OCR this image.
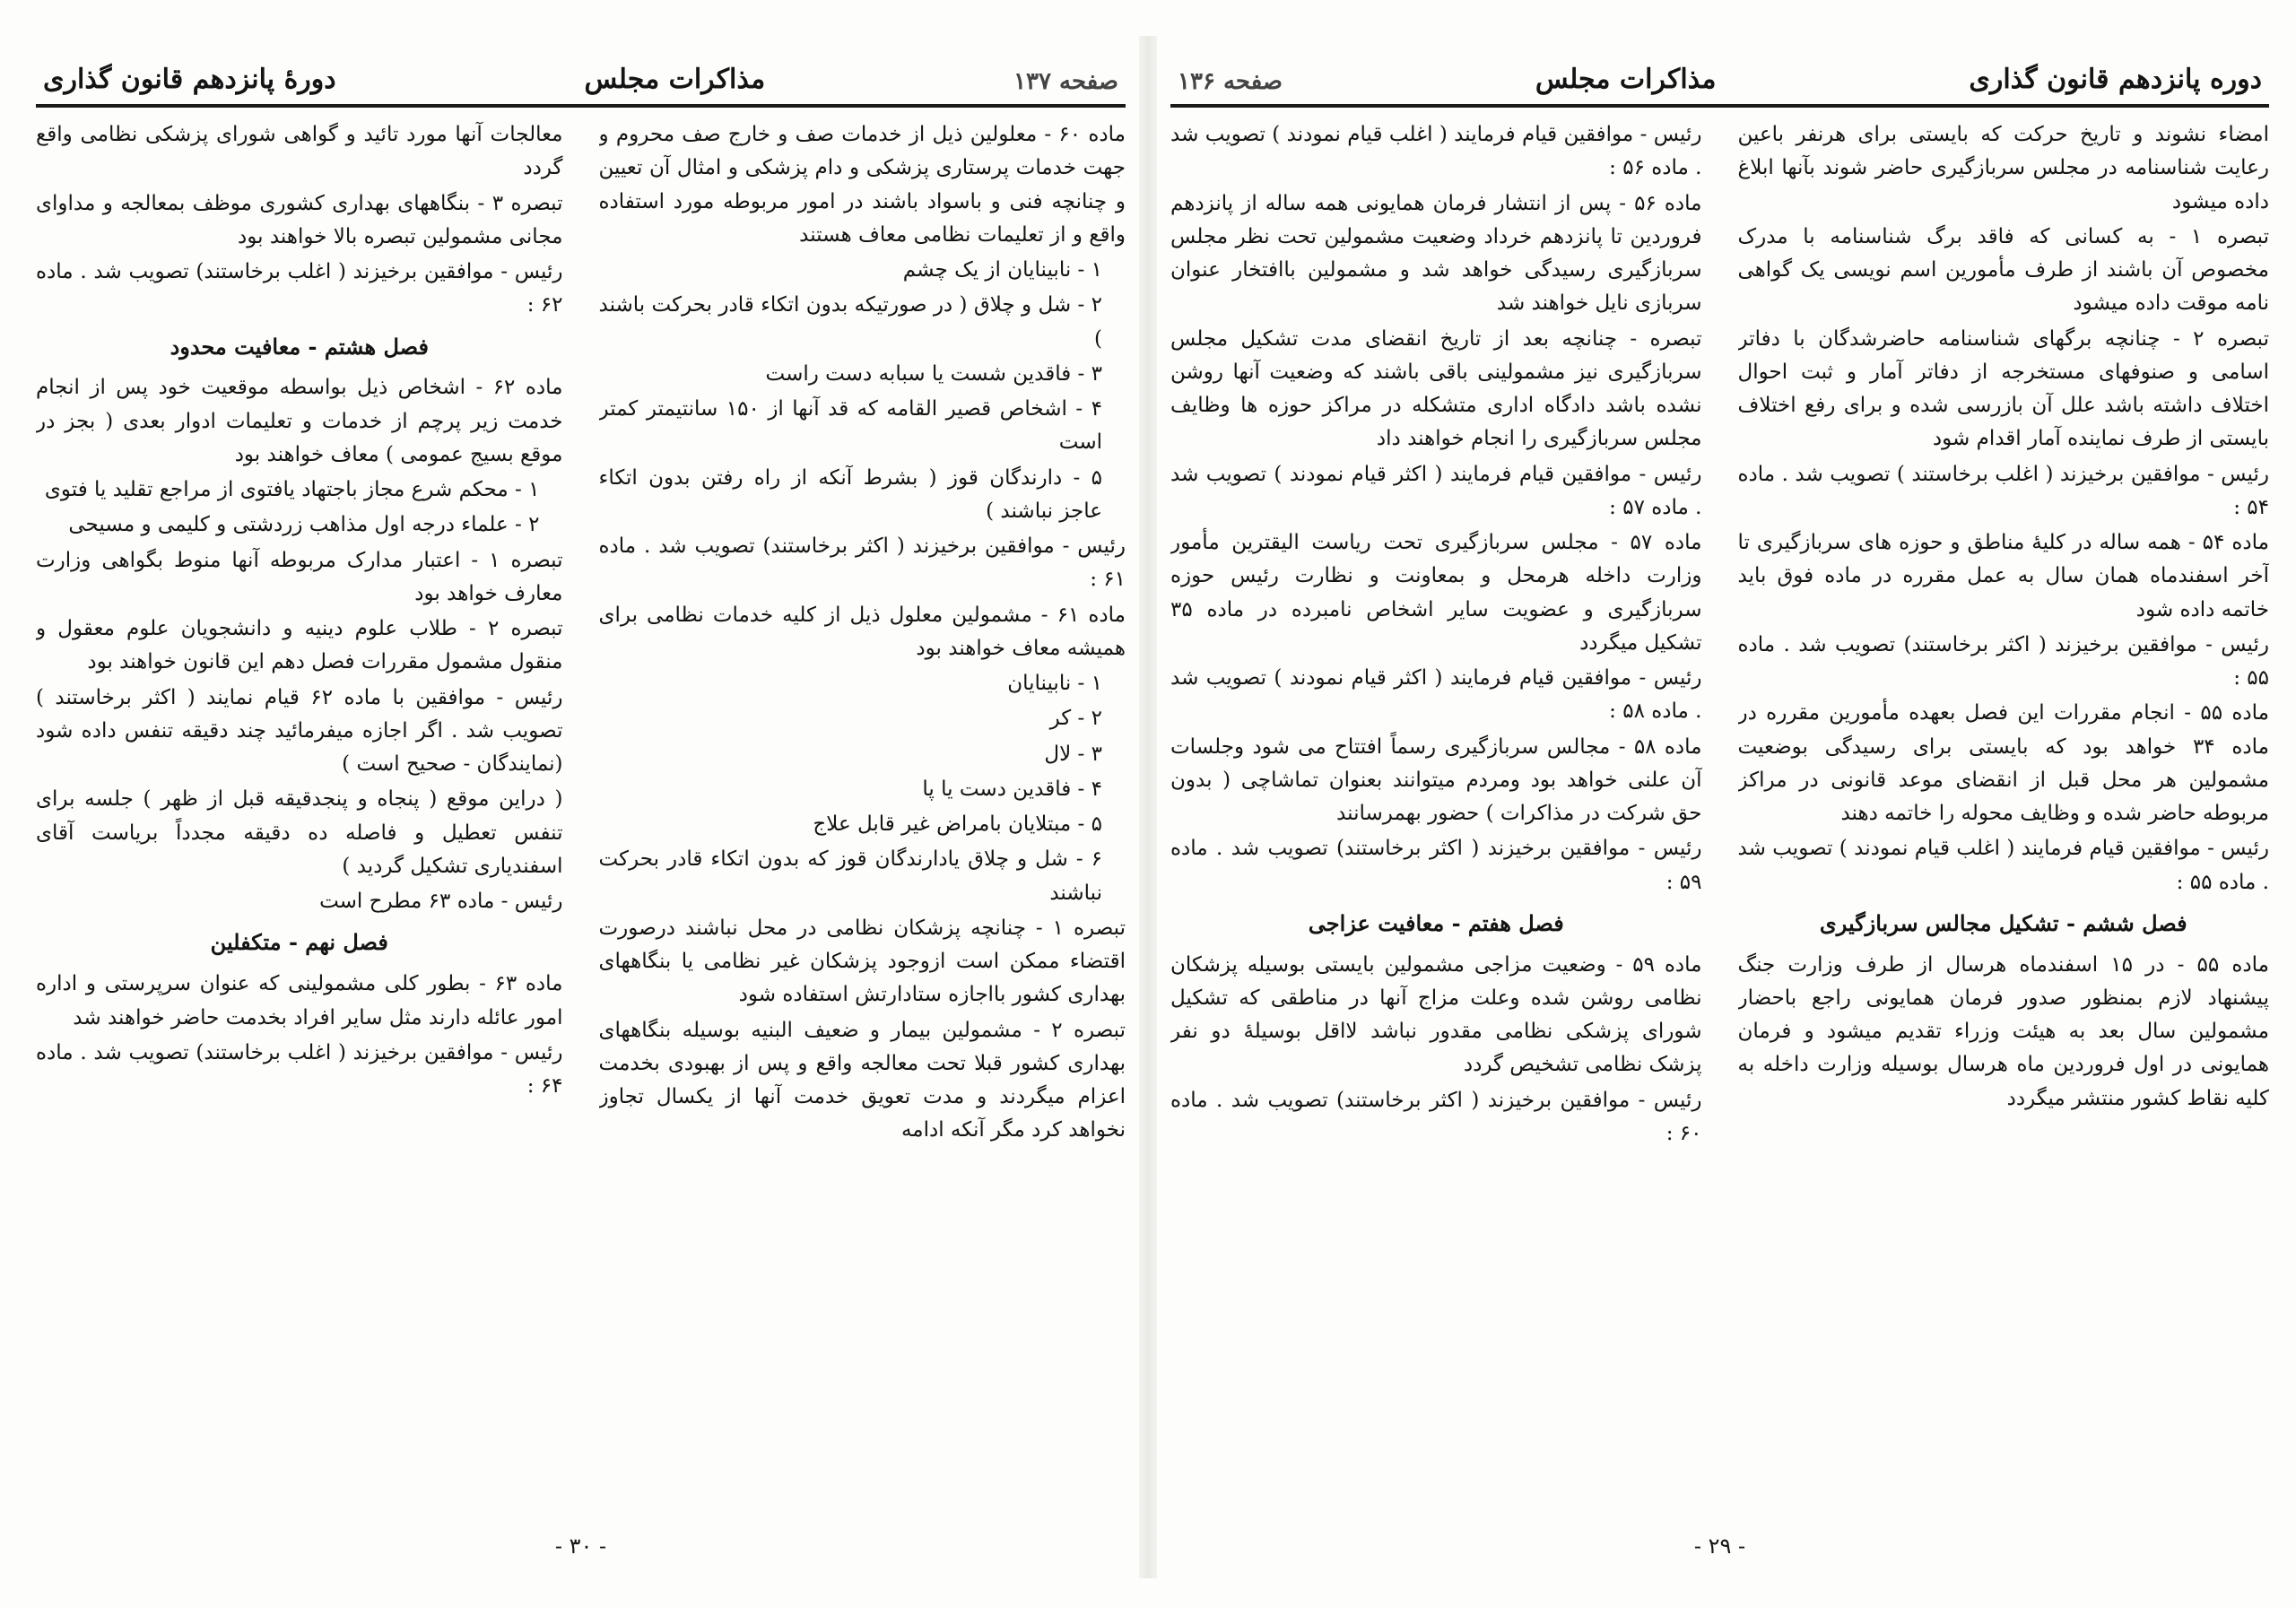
صفحه ۱۳۷
مذاکرات مجلس
دورهٔ پانزدهم قانون گذاری

ماده ۶۰ - معلولین ذیل از خدمات صف و خارج صف محروم و جهت خدمات پرستاری پزشکی و دام پزشکی و امثال آن تعیین و چنانچه فنی و باسواد باشند در امور مربوطه مورد استفاده واقع و از تعلیمات نظامی معاف هستند

۱ - نابینایان از یک چشم

۲ - شل و چلاق ( در صورتیکه بدون اتکاء قادر بحرکت باشند )

۳ - فاقدین شست یا سبابه دست راست

۴ - اشخاص قصیر القامه که قد آنها از ۱۵۰ سانتیمتر کمتر است

۵ - دارندگان قوز ( بشرط آنکه از راه رفتن بدون اتکاء عاجز نباشند )

رئیس - موافقین برخیزند ( اکثر برخاستند) تصویب شد . ماده ۶۱ :

ماده ۶۱ - مشمولین معلول ذیل از کلیه خدمات نظامی برای همیشه معاف خواهند بود

۱ - نابینایان

۲ - کر

۳ - لال

۴ - فاقدین دست یا پا

۵ - مبتلایان بامراض غیر قابل علاج

۶ - شل و چلاق یادارندگان قوز که بدون اتکاء قادر بحرکت نباشند

تبصره ۱ - چنانچه پزشکان نظامی در محل نباشند درصورت اقتضاء ممکن است ازوجود پزشکان غیر نظامی یا بنگاههای بهداری کشور بااجازه ستادارتش استفاده شود

تبصره ۲ - مشمولین بیمار و ضعیف البنیه بوسیله بنگاههای بهداری کشور قبلا تحت معالجه واقع و پس از بهبودی بخدمت اعزام میگردند و مدت تعویق خدمت آنها از یکسال تجاوز نخواهد کرد مگر آنکه ادامه

معالجات آنها مورد تائید و گواهی شورای پزشکی نظامی واقع گردد

تبصره ۳ - بنگاههای بهداری کشوری موظف بمعالجه و مداوای مجانی مشمولین تبصره بالا خواهند بود

رئیس - موافقین برخیزند ( اغلب برخاستند) تصویب شد . ماده ۶۲ :

فصل هشتم - معافیت محدود

ماده ۶۲ - اشخاص ذیل بواسطه موقعیت خود پس از انجام خدمت زیر پرچم از خدمات و تعلیمات ادوار بعدی ( بجز در موقع بسیج عمومی ) معاف خواهند بود

۱ - محکم شرع مجاز باجتهاد یافتوی از مراجع تقلید یا فتوی

۲ - علماء درجه اول مذاهب زردشتی و کلیمی و مسیحی

تبصره ۱ - اعتبار مدارک مربوطه آنها منوط بگواهی وزارت معارف خواهد بود

تبصره ۲ - طلاب علوم دینیه و دانشجویان علوم معقول و منقول مشمول مقررات فصل دهم این قانون خواهند بود

رئیس - موافقین با ماده ۶۲ قیام نمایند ( اکثر برخاستند ) تصویب شد . اگر اجازه میفرمائید چند دقیقه تنفس داده شود (نمایندگان - صحیح است )

( دراین موقع ( پنجاه و پنجدقیقه قبل از ظهر ) جلسه برای تنفس تعطیل و فاصله ده دقیقه مجدداً بریاست آقای اسفندیاری تشکیل گردید )

رئیس - ماده ۶۳ مطرح است

فصل نهم - متکفلین

ماده ۶۳ - بطور کلی مشمولینی که عنوان سرپرستی و اداره امور عائله دارند مثل سایر افراد بخدمت حاضر خواهند شد

رئیس - موافقین برخیزند ( اغلب برخاستند) تصویب شد . ماده ۶۴ :

- ۳۰ -
دوره پانزدهم قانون گذاری
مذاکرات مجلس
صفحه ۱۳۶

امضاء نشوند و تاریخ حرکت که بایستی برای هرنفر باعین رعایت شناسنامه در مجلس سربازگیری حاضر شوند بآنها ابلاغ داده میشود

تبصره ۱ - به کسانی که فاقد برگ شناسنامه با مدرک مخصوص آن باشند از طرف مأمورین اسم نویسی یک گواهی نامه موقت داده میشود

تبصره ۲ - چنانچه برگهای شناسنامه حاضرشدگان با دفاتر اسامی و صنوفهای مستخرجه از دفاتر آمار و ثبت احوال اختلاف داشته باشد علل آن بازرسی شده و برای رفع اختلاف بایستی از طرف نماینده آمار اقدام شود

رئیس - موافقین برخیزند ( اغلب برخاستند ) تصویب شد . ماده ۵۴ :

ماده ۵۴ - همه ساله در کلیهٔ مناطق و حوزه های سربازگیری تا آخر اسفندماه همان سال به عمل مقرره در ماده فوق باید خاتمه داده شود

رئیس - موافقین برخیزند ( اکثر برخاستند) تصویب شد . ماده ۵۵ :

ماده ۵۵ - انجام مقررات این فصل بعهده مأمورین مقرره در ماده ۳۴ خواهد بود که بایستی برای رسیدگی بوضعیت مشمولین هر محل قبل از انقضای موعد قانونی در مراکز مربوطه حاضر شده و وظایف محوله را خاتمه دهند

رئیس - موافقین قیام فرمایند ( اغلب قیام نمودند ) تصویب شد . ماده ۵۵ :

فصل ششم - تشکیل مجالس سربازگیری

ماده ۵۵ - در ۱۵ اسفندماه هرسال از طرف وزارت جنگ پیشنهاد لازم بمنظور صدور فرمان همایونی راجع باحضار مشمولین سال بعد به هیئت وزراء تقدیم میشود و فرمان همایونی در اول فروردین ماه هرسال بوسیله وزارت داخله به کلیه نقاط کشور منتشر میگردد

رئیس - موافقین قیام فرمایند ( اغلب قیام نمودند ) تصویب شد . ماده ۵۶ :

ماده ۵۶ - پس از انتشار فرمان همایونی همه ساله از پانزدهم فروردین تا پانزدهم خرداد وضعیت مشمولین تحت نظر مجلس سربازگیری رسیدگی خواهد شد و مشمولین باافتخار عنوان سربازی نایل خواهند شد

تبصره - چنانچه بعد از تاریخ انقضای مدت تشکیل مجلس سربازگیری نیز مشمولینی باقی باشند که وضعیت آنها روشن نشده باشد دادگاه اداری متشکله در مراکز حوزه ها وظایف مجلس سربازگیری را انجام خواهند داد

رئیس - موافقین قیام فرمایند ( اکثر قیام نمودند ) تصویب شد . ماده ۵۷ :

ماده ۵۷ - مجلس سربازگیری تحت ریاست الیقترین مأمور وزارت داخله هرمحل و بمعاونت و نظارت رئیس حوزه سربازگیری و عضویت سایر اشخاص نامبرده در ماده ۳۵ تشکیل میگردد

رئیس - موافقین قیام فرمایند ( اکثر قیام نمودند ) تصویب شد . ماده ۵۸ :

ماده ۵۸ - مجالس سربازگیری رسماً افتتاح می شود وجلسات آن علنی خواهد بود ومردم میتوانند بعنوان تماشاچی ( بدون حق شرکت در مذاکرات ) حضور بهمرسانند

رئیس - موافقین برخیزند ( اکثر برخاستند) تصویب شد . ماده ۵۹ :

فصل هفتم - معافیت عزاجی

ماده ۵۹ - وضعیت مزاجی مشمولین بایستی بوسیله پزشکان نظامی روشن شده وعلت مزاج آنها در مناطقی که تشکیل شورای پزشکی نظامی مقدور نباشد لااقل بوسیلهٔ دو نفر پزشک نظامی تشخیص گردد

رئیس - موافقین برخیزند ( اکثر برخاستند) تصویب شد . ماده ۶۰ :

- ۲۹ -
